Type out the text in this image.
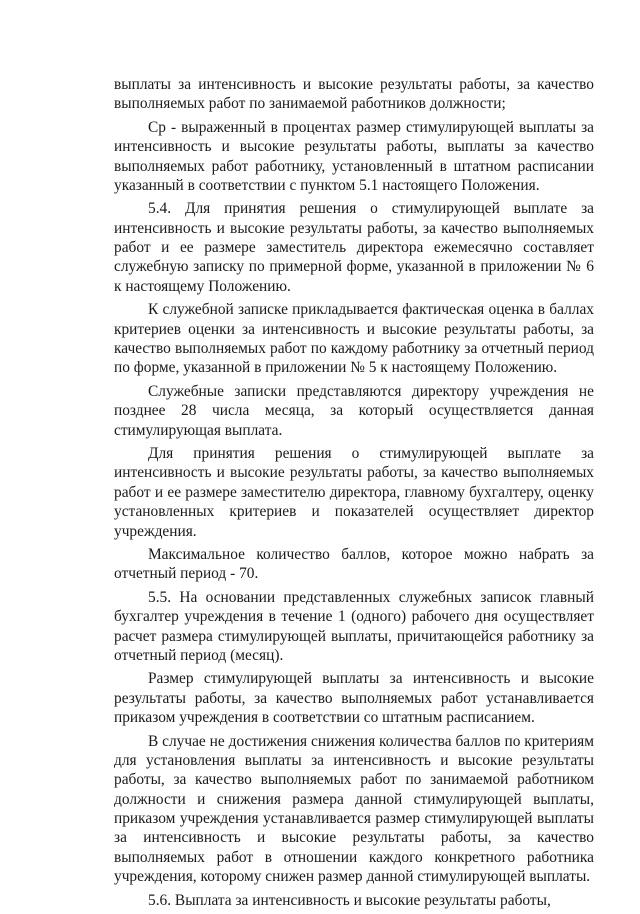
выплаты за интенсивность и высокие результаты работы, за качество выполняемых работ по занимаемой работников должности;

Ср - выраженный в процентах размер стимулирующей выплаты за интенсивность и высокие результаты работы, выплаты за качество выполняемых работ работнику, установленный в штатном расписании указанный в соответствии с пунктом 5.1 настоящего Положения.

5.4. Для принятия решения о стимулирующей выплате за интенсивность и высокие результаты работы, за качество выполняемых работ и ее размере заместитель директора ежемесячно составляет служебную записку по примерной форме, указанной в приложении № 6 к настоящему Положению.

К служебной записке прикладывается фактическая оценка в баллах критериев оценки за интенсивность и высокие результаты работы, за качество выполняемых работ по каждому работнику за отчетный период по форме, указанной в приложении № 5 к настоящему Положению.

Служебные записки представляются директору учреждения не позднее 28 числа месяца, за который осуществляется данная стимулирующая выплата.

Для принятия решения о стимулирующей выплате за интенсивность и высокие результаты работы, за качество выполняемых работ и ее размере заместителю директора, главному бухгалтеру, оценку установленных критериев и показателей осуществляет директор учреждения.

Максимальное количество баллов, которое можно набрать за отчетный период - 70.

5.5. На основании представленных служебных записок главный бухгалтер учреждения в течение 1 (одного) рабочего дня осуществляет расчет размера стимулирующей выплаты, причитающейся работнику за отчетный период (месяц).

Размер стимулирующей выплаты за интенсивность и высокие результаты работы, за качество выполняемых работ устанавливается приказом учреждения в соответствии со штатным расписанием.

В случае не достижения снижения количества баллов по критериям для установления выплаты за интенсивность и высокие результаты работы, за качество выполняемых работ по занимаемой работником должности и снижения размера данной стимулирующей выплаты, приказом учреждения устанавливается размер стимулирующей выплаты за интенсивность и высокие результаты работы, за качество выполняемых работ в отношении каждого конкретного работника учреждения, которому снижен размер данной стимулирующей выплаты.

5.6. Выплата за интенсивность и высокие результаты работы,
